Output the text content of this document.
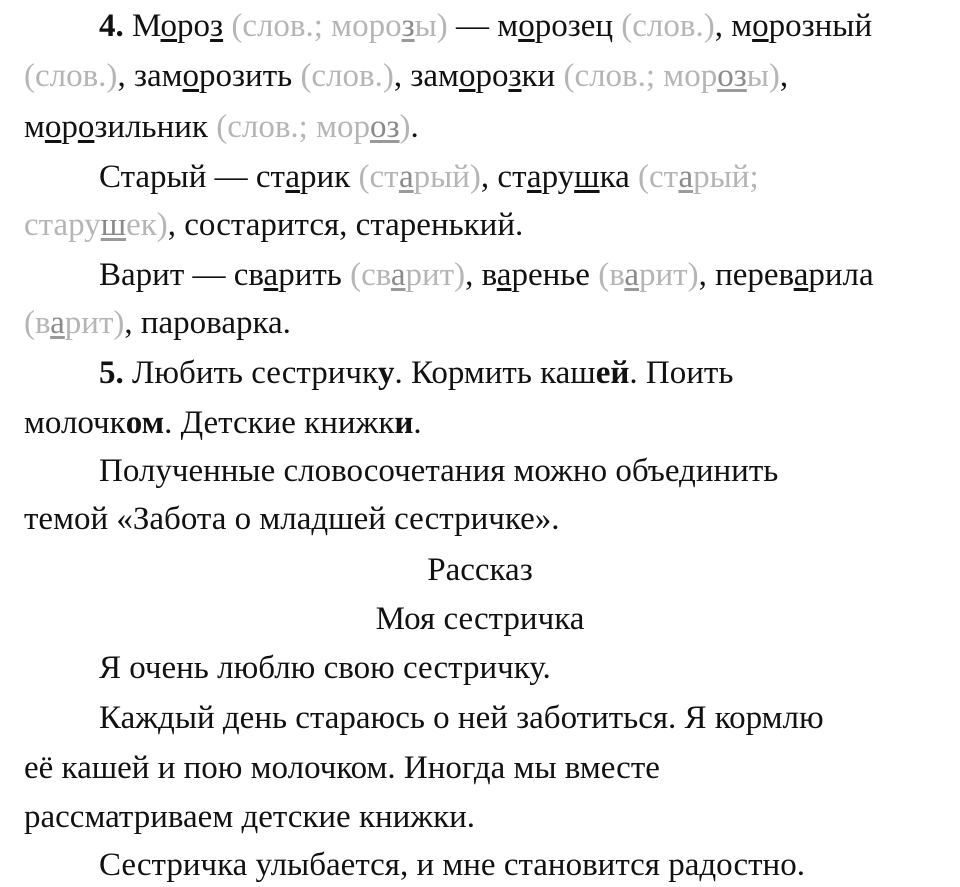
4. Мороз (слов.; морозы) — морозец (слов.), морозный
(слов.), заморозить (слов.), заморозки (слов.; морозы),
морозильник (слов.; мороз).
Старый — старик (старый), старушка (старый;
старушек), состарится, старенький.
Варит — сварить (сварит), варенье (варит), переварила
(варит), пароварка.
5. Любить сестричку. Кормить кашей. Поить
молочком. Детские книжки.
Полученные словосочетания можно объединить
темой «Забота о младшей сестричке».
Рассказ
Моя сестричка
Я очень люблю свою сестричку.
Каждый день стараюсь о ней заботиться. Я кормлю
её кашей и пою молочком. Иногда мы вместе
рассматриваем детские книжки.
Сестричка улыбается, и мне становится радостно.
